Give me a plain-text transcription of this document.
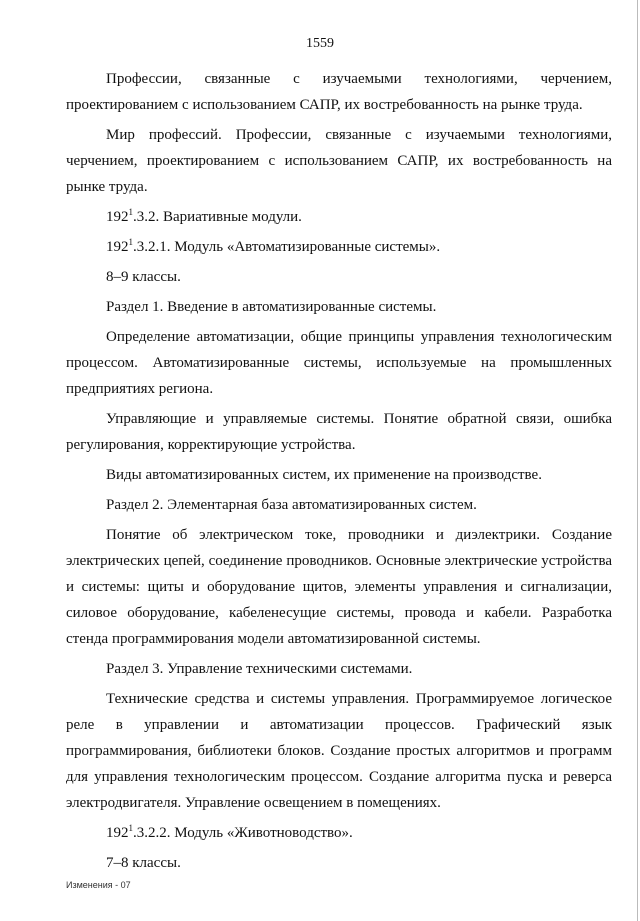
1559

Профессии, связанные с изучаемыми технологиями, черчением, проектированием с использованием САПР, их востребованность на рынке труда.

Мир профессий. Профессии, связанные с изучаемыми технологиями, черчением, проектированием с использованием САПР, их востребованность на рынке труда.

$192^1.3.2$. Вариативные модули.

$192^1.3.2.1$. Модуль «Автоматизированные системы».

8–9 классы.

Раздел 1. Введение в автоматизированные системы.

Определение автоматизации, общие принципы управления технологическим процессом. Автоматизированные системы, используемые на промышленных предприятиях региона.

Управляющие и управляемые системы. Понятие обратной связи, ошибка регулирования, корректирующие устройства.

Виды автоматизированных систем, их применение на производстве.

Раздел 2. Элементарная база автоматизированных систем.

Понятие об электрическом токе, проводники и диэлектрики. Создание электрических цепей, соединение проводников. Основные электрические устройства и системы: щиты и оборудование щитов, элементы управления и сигнализации, силовое оборудование, кабеленесущие системы, провода и кабели. Разработка стенда программирования модели автоматизированной системы.

Раздел 3. Управление техническими системами.

Технические средства и системы управления. Программируемое логическое реле в управлении и автоматизации процессов. Графический язык программирования, библиотеки блоков. Создание простых алгоритмов и программ для управления технологическим процессом. Создание алгоритма пуска и реверса электродвигателя. Управление освещением в помещениях.

$192^1.3.2.2$. Модуль «Животноводство».

7–8 классы.

Изменения - 07
